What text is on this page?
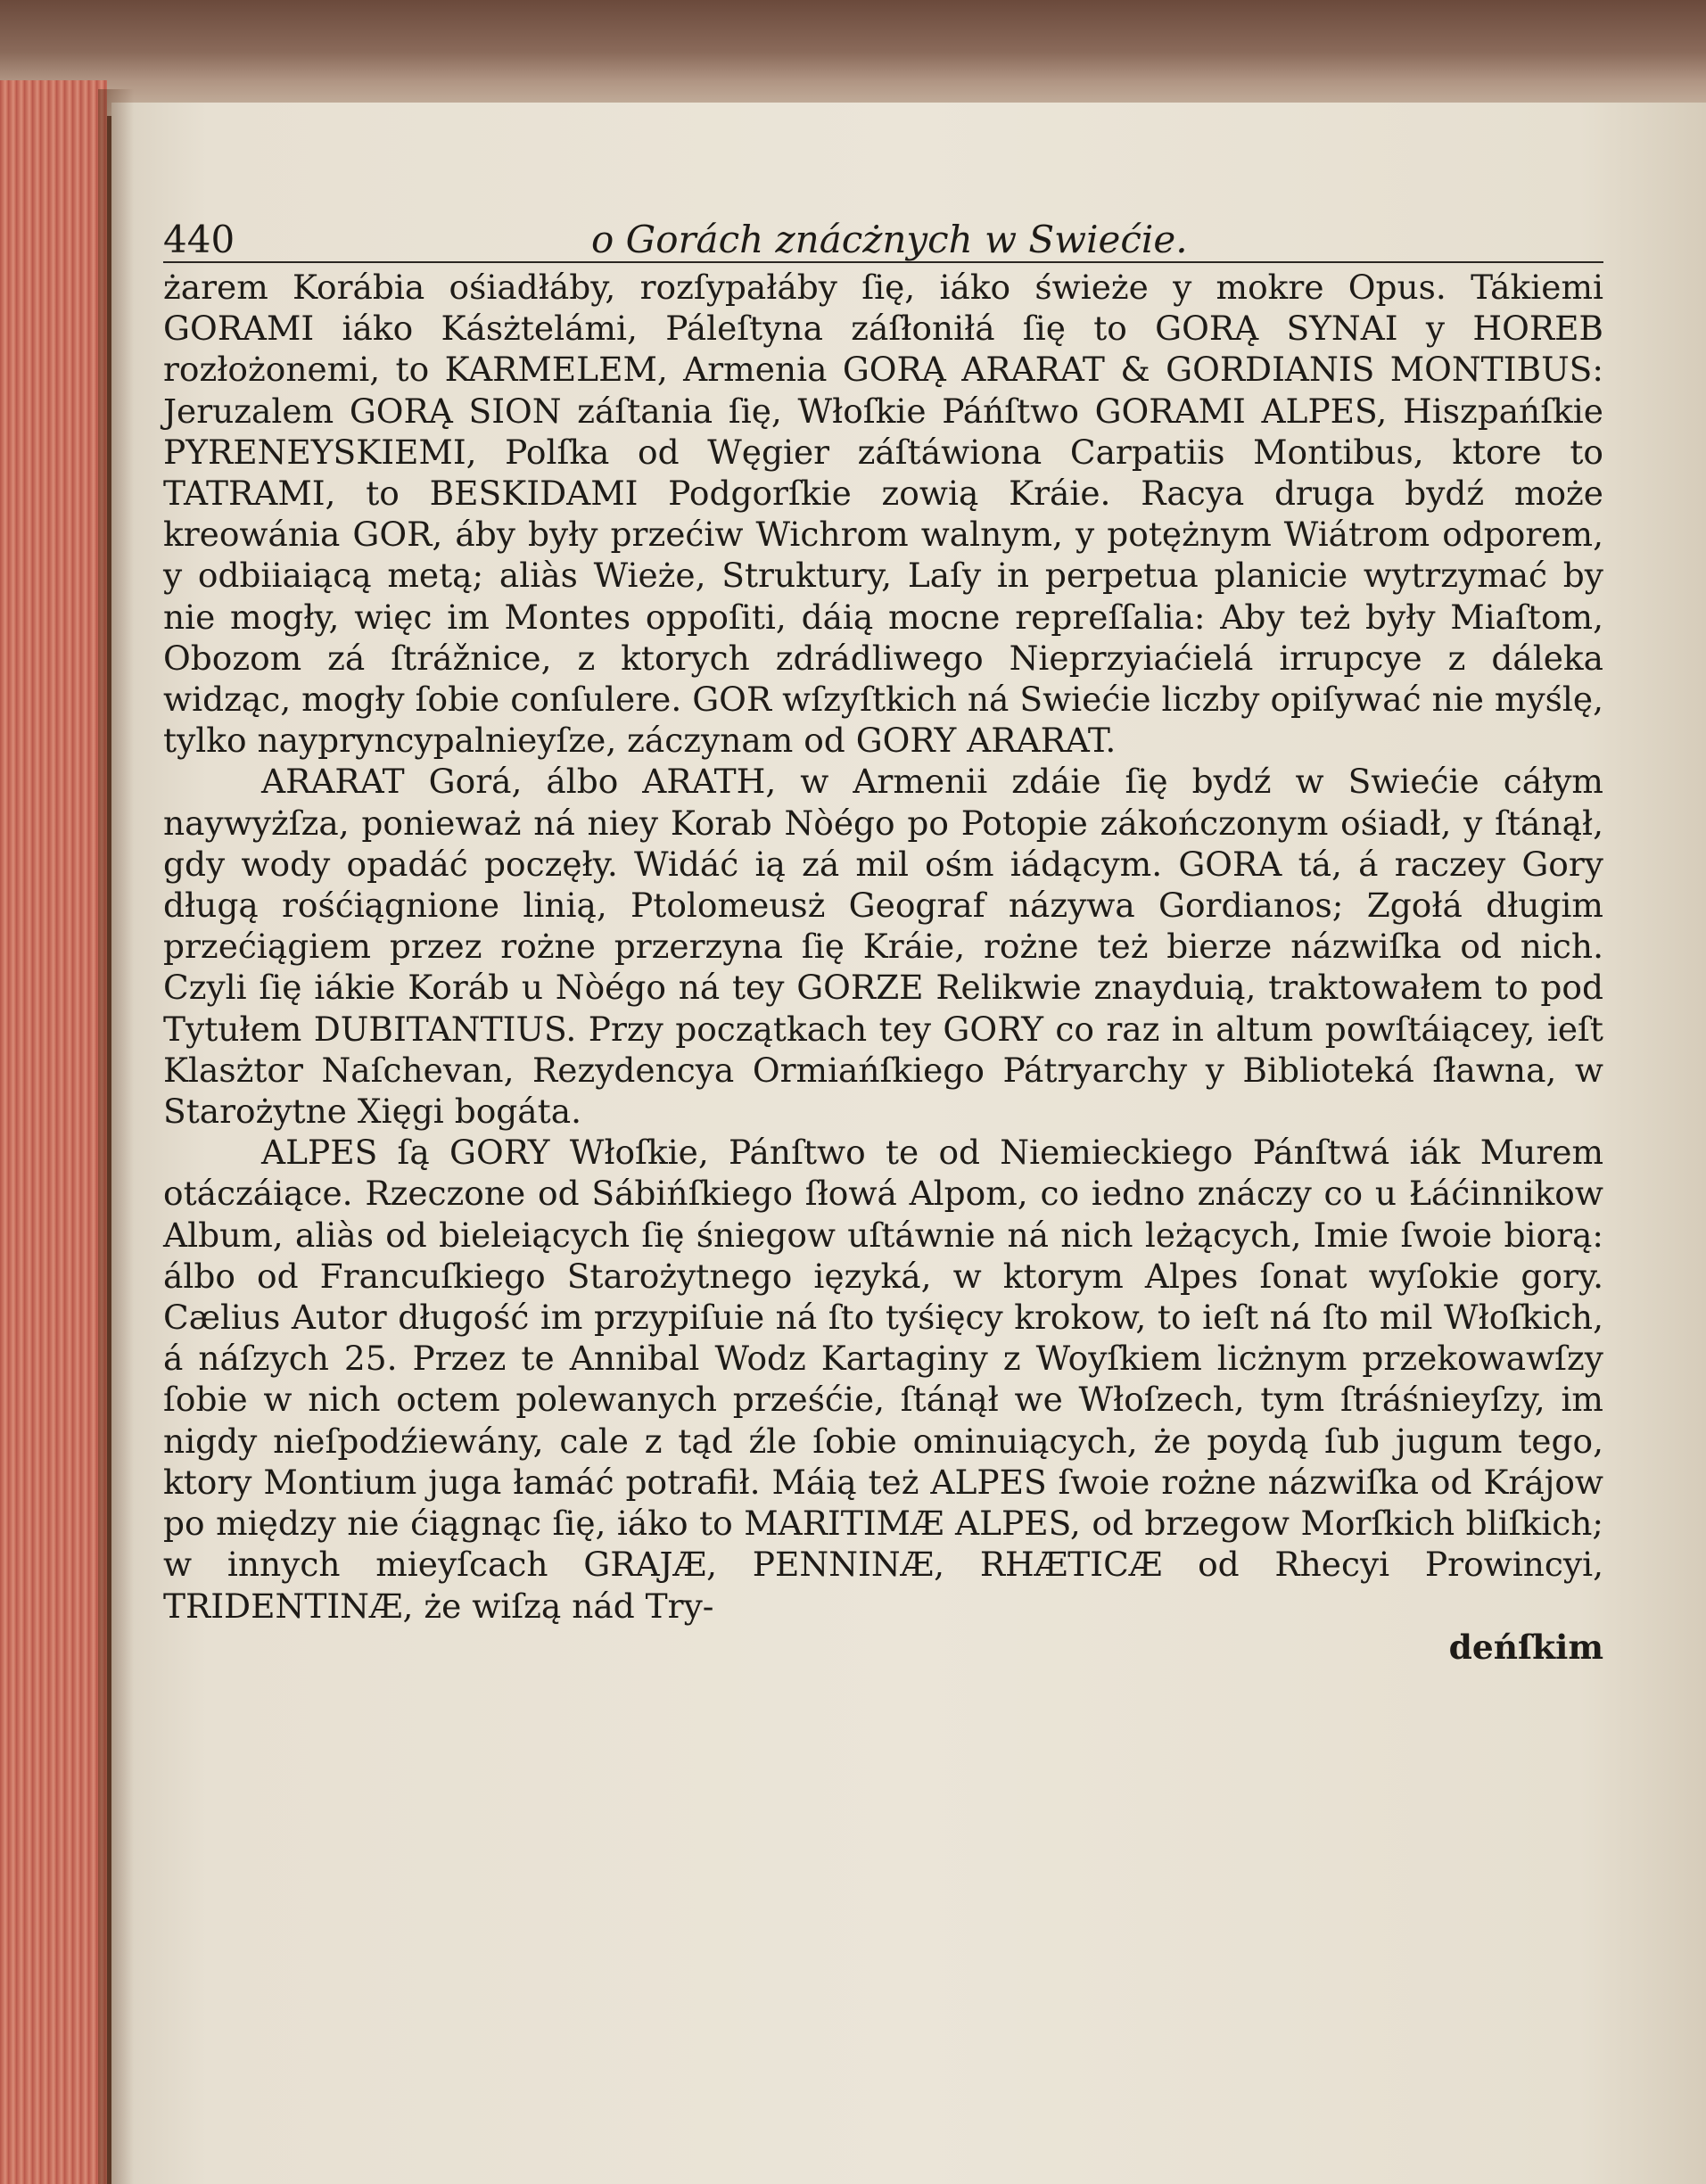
440	o Gorách znácżnych w Swiećie.

żarem Korábia ośiadłáby, rozſypałáby ſię, iáko świeże y mokre Opus. Tákiemi GORAMI iáko Kásżtelámi, Páleſtyna záſłoniłá ſię to GORĄ SYNAI y HOREB rozłożonemi, to KARMELEM, Armenia GORĄ ARARAT & GORDIANIS MONTIBUS: Jeruzalem GORĄ SION záſtania ſię, Włoſkie Páńſtwo GORAMI ALPES, Hiszpańſkie PYRENEYSKIEMI, Polſka od Węgier záſtáwiona Carpatiis Montibus, ktore to TATRAMI, to BESKIDAMI Podgorſkie zowią Kráie. Racya druga bydź może kreowánia GOR, áby były przećiw Wichrom walnym, y potężnym Wiátrom odporem, y odbiiaiącą metą; aliàs Wieże, Struktury, Laſy in perpetua planicie wytrzymać by nie mogły, więc im Montes oppoſiti, dáią mocne repreſſalia: Aby też były Miaſtom, Obozom zá ſtrážnice, z ktorych zdrádliwego Nieprzyiaćielá irrupcye z dáleka widząc, mogły ſobie conſulere. GOR wſzyſtkich ná Swiećie liczby opiſywać nie myślę, tylko naypryncypalnieyſze, záczynam od GORY ARARAT.

ARARAT Gorá, álbo ARATH, w Armenii zdáie ſię bydź w Swiećie cáłym naywyżſza, ponieważ ná niey Korab Nòégo po Potopie zákończonym ośiadł, y ſtánął, gdy wody opadáć poczęły. Widáć ią zá mil ośm iádącym. GORA tá, á raczey Gory długą rośćiągnione linią, Ptolomeusż Geograf názywa Gordianos; Zgołá długim przećiągiem przez rożne przerzyna ſię Kráie, rożne też bierze názwiſka od nich. Czyli ſię iákie Koráb u Nòégo ná tey GORZE Relikwie znayduią, traktowałem to pod Tytułem DUBITANTIUS. Przy początkach tey GORY co raz in altum powſtáiącey, ieſt Klasżtor Naſchevan, Rezydencya Ormiańſkiego Pátryarchy y Biblioteká ſławna, w Starożytne Xięgi bogáta.

ALPES ſą GORY Włoſkie, Pánſtwo te od Niemieckiego Pánſtwá iák Murem otáczáiące. Rzeczone od Sábińſkiego ſłowá Alpom, co iedno znáczy co u Łáćinnikow Album, aliàs od bieleiących ſię śniegow uſtáwnie ná nich leżących, Imie ſwoie biorą: álbo od Francuſkiego Starożytnego ięzyká, w ktorym Alpes ſonat wyſokie gory. Cælius Autor długość im przypiſuie ná ſto tyśięcy krokow, to ieſt ná ſto mil Włoſkich, á náſzych 25. Przez te Annibal Wodz Kartaginy z Woyſkiem licżnym przekowawſzy ſobie w nich octem polewanych prześćie, ſtánął we Włoſzech, tym ſtráśnieyſzy, im nigdy nieſpodźiewány, cale z tąd źle ſobie ominuiących, że poydą ſub jugum tego, ktory Montium juga łamáć potrafił. Máią też ALPES ſwoie rożne názwiſka od Krájow po między nie ćiągnąc ſię, iáko to MARITIMÆ ALPES, od brzegow Morſkich bliſkich; w innych mieyſcach GRAJÆ, PENNINÆ, RHÆTICÆ od Rhecyi Prowincyi, TRIDENTINÆ, że wiſzą nád Try-

deńſkim
